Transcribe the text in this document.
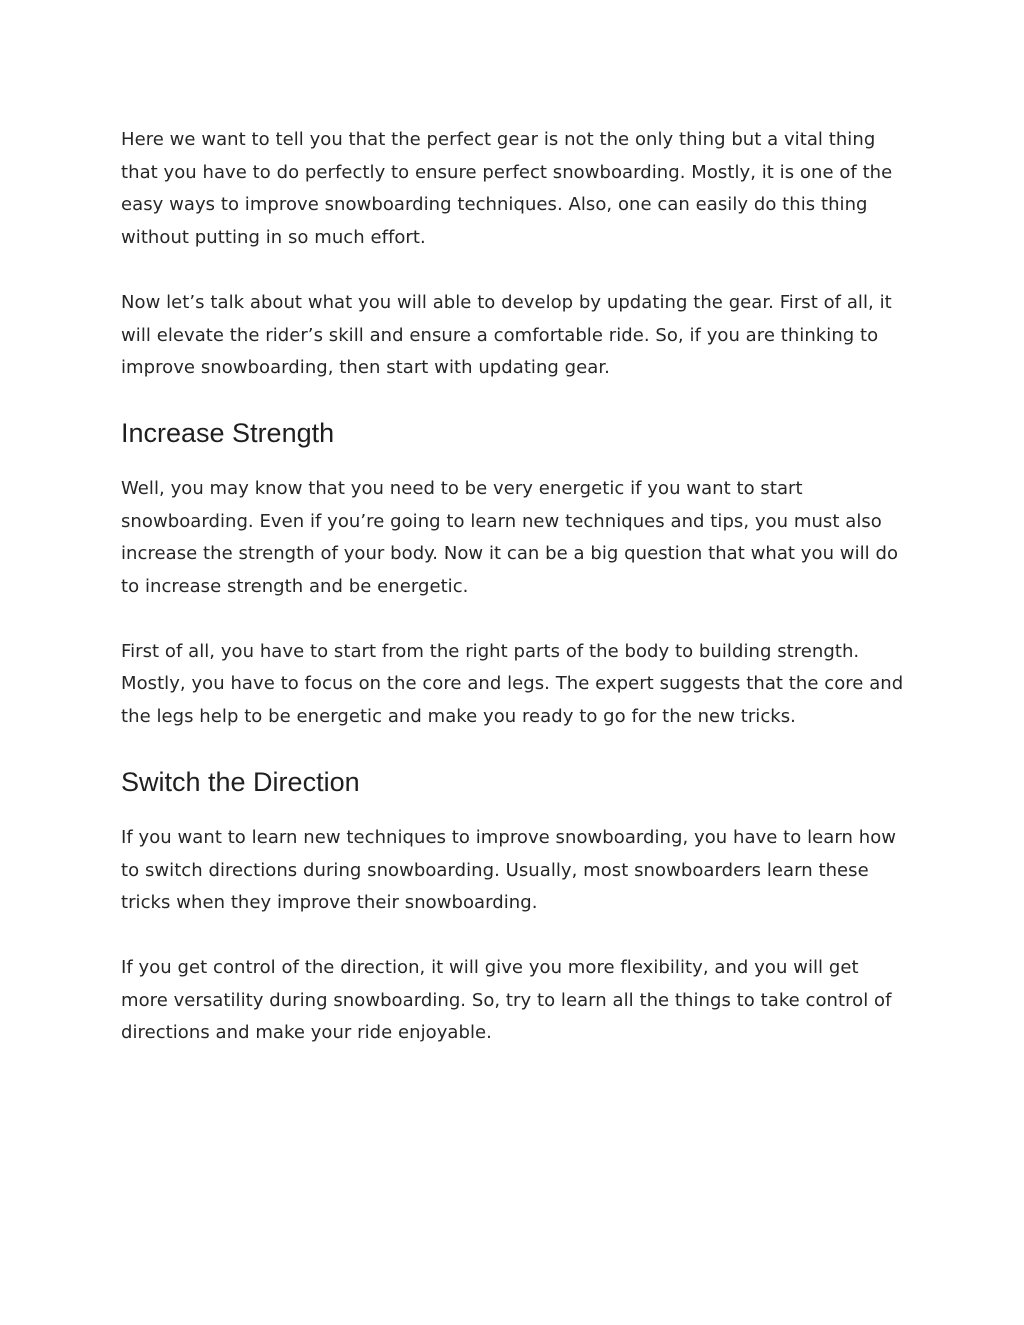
Here we want to tell you that the perfect gear is not the only thing but a vital thing that you have to do perfectly to ensure perfect snowboarding. Mostly, it is one of the easy ways to improve snowboarding techniques. Also, one can easily do this thing without putting in so much effort.

Now let’s talk about what you will able to develop by updating the gear. First of all, it will elevate the rider’s skill and ensure a comfortable ride. So, if you are thinking to improve snowboarding, then start with updating gear.

Increase Strength

Well, you may know that you need to be very energetic if you want to start snowboarding. Even if you’re going to learn new techniques and tips, you must also increase the strength of your body. Now it can be a big question that what you will do to increase strength and be energetic.

First of all, you have to start from the right parts of the body to building strength. Mostly, you have to focus on the core and legs. The expert suggests that the core and the legs help to be energetic and make you ready to go for the new tricks.

Switch the Direction

If you want to learn new techniques to improve snowboarding, you have to learn how to switch directions during snowboarding. Usually, most snowboarders learn these tricks when they improve their snowboarding.

If you get control of the direction, it will give you more flexibility, and you will get more versatility during snowboarding. So, try to learn all the things to take control of directions and make your ride enjoyable.
